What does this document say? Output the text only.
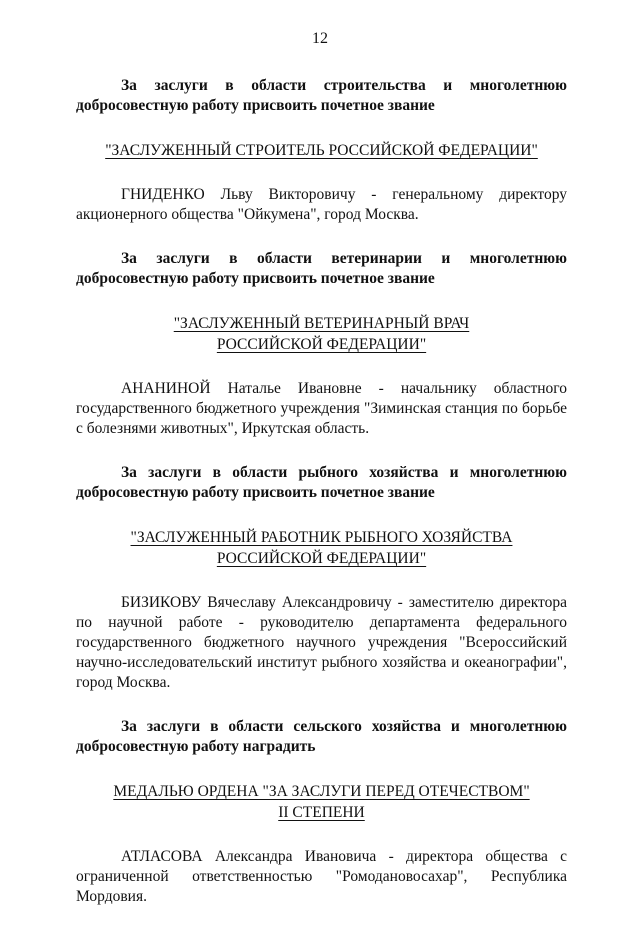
12

За заслуги в области строительства и многолетнюю добросовестную работу присвоить почетное звание

"ЗАСЛУЖЕННЫЙ СТРОИТЕЛЬ РОССИЙСКОЙ ФЕДЕРАЦИИ"

ГНИДЕНКО Льву Викторовичу - генеральному директору акционерного общества "Ойкумена", город Москва.

За заслуги в области ветеринарии и многолетнюю добросовестную работу присвоить почетное звание

"ЗАСЛУЖЕННЫЙ ВЕТЕРИНАРНЫЙ ВРАЧ
РОССИЙСКОЙ ФЕДЕРАЦИИ"

АНАНИНОЙ Наталье Ивановне - начальнику областного государственного бюджетного учреждения "Зиминская станция по борьбе с болезнями животных", Иркутская область.

За заслуги в области рыбного хозяйства и многолетнюю добросовестную работу присвоить почетное звание

"ЗАСЛУЖЕННЫЙ РАБОТНИК РЫБНОГО ХОЗЯЙСТВА
РОССИЙСКОЙ ФЕДЕРАЦИИ"

БИЗИКОВУ Вячеславу Александровичу - заместителю директора по научной работе - руководителю департамента федерального государственного бюджетного научного учреждения "Всероссийский научно-исследовательский институт рыбного хозяйства и океанографии", город Москва.

За заслуги в области сельского хозяйства и многолетнюю добросовестную работу наградить

МЕДАЛЬЮ ОРДЕНА "ЗА ЗАСЛУГИ ПЕРЕД ОТЕЧЕСТВОМ"
II СТЕПЕНИ

АТЛАСОВА Александра Ивановича - директора общества с ограниченной ответственностью "Ромодановосахар", Республика Мордовия.
